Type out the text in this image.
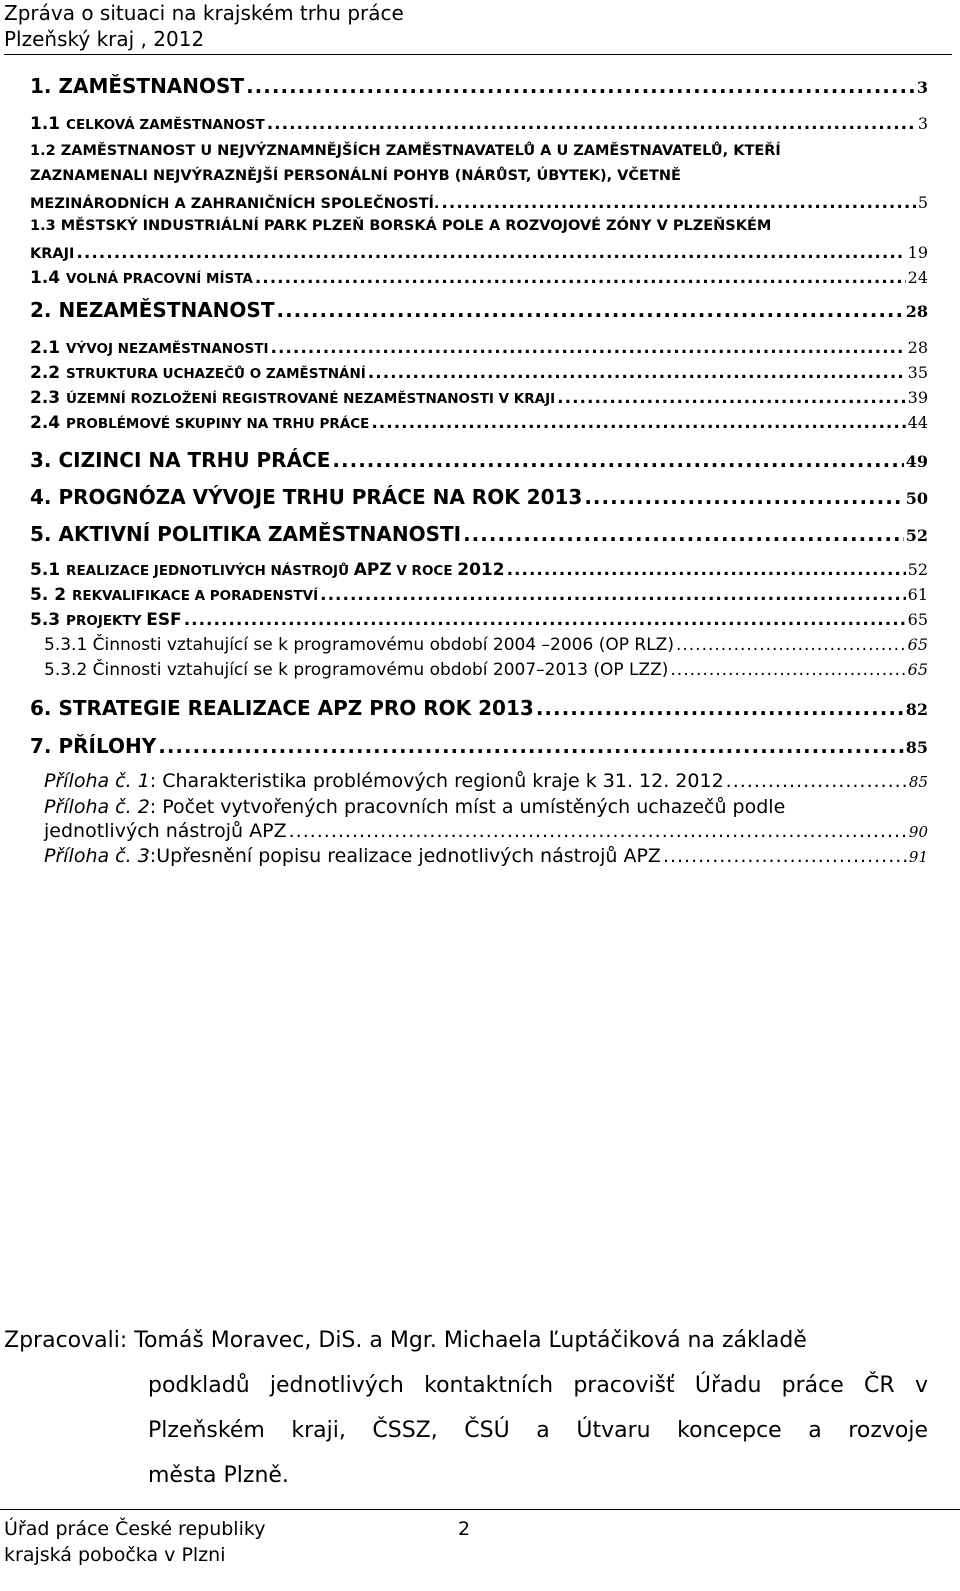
Zpráva o situaci na krajském trhu práce
Plzeňský kraj , 2012
1. ZAMĚSTNANOST .....	3
1.1 CELKOVÁ ZAMĚSTNANOST .....	3
1.2 ZAMĚSTNANOST U NEJVÝZNAMNĚJŠÍCH ZAMĚSTNAVATELŮ A U ZAMĚSTNAVATELŮ, KTEŘÍ
ZAZNAMENALI NEJVÝRAZNĚJŠÍ PERSONÁLNÍ POHYB (NÁRŮST, ÚBYTEK), VČETNĚ
MEZINÁRODNÍCH A ZAHRANIČNÍCH SPOLEČNOSTÍ. .....	5
1.3 MĚSTSKÝ INDUSTRIÁLNÍ PARK PLZEŇ BORSKÁ POLE A ROZVOJOVÉ ZÓNY V PLZEŇSKÉM
KRAJI .....	19
1.4 VOLNÁ PRACOVNÍ MÍSTA .....	24
2. NEZAMĚSTNANOST .....	28
2.1 VÝVOJ NEZAMĚSTNANOSTI .....	28
2.2 STRUKTURA UCHAZEČŮ O ZAMĚSTNÁNÍ .....	35
2.3 ÚZEMNÍ ROZLOŽENÍ REGISTROVANÉ NEZAMĚSTNANOSTI V KRAJI .....	39
2.4 PROBLÉMOVÉ SKUPINY NA TRHU PRÁCE .....	44
3. CIZINCI NA TRHU PRÁCE .....	49
4. PROGNÓZA VÝVOJE TRHU PRÁCE NA ROK 2013 .....	50
5. AKTIVNÍ POLITIKA ZAMĚSTNANOSTI .....	52
5.1 REALIZACE JEDNOTLIVÝCH NÁSTROJŮ APZ V ROCE 2012 .....	52
5. 2 REKVALIFIKACE A PORADENSTVÍ .....	61
5.3 PROJEKTY ESF .....	65
5.3.1 Činnosti vztahující se k programovému období 2004 –2006 (OP RLZ) .....	65
5.3.2 Činnosti vztahující se k programovému období 2007–2013 (OP LZZ) .....	65
6. STRATEGIE REALIZACE APZ PRO ROK 2013 .....	82
7. PŘÍLOHY .....	85
Příloha č. 1: Charakteristika problémových regionů kraje k 31. 12. 2012 .....	85
Příloha č. 2: Počet vytvořených pracovních míst a umístěných uchazečů podle
jednotlivých nástrojů APZ .....	90
Příloha č. 3:Upřesnění popisu realizace jednotlivých nástrojů APZ .....	91
Zpracovali: Tomáš Moravec, DiS. a Mgr. Michaela Ľuptáčiková na základě
podkladů jednotlivých kontaktních pracovišť Úřadu práce ČR v
Plzeňském kraji, ČSSZ, ČSÚ a Útvaru koncepce a rozvoje
města Plzně.
Úřad práce České republiky
krajská pobočka v Plzni
2
